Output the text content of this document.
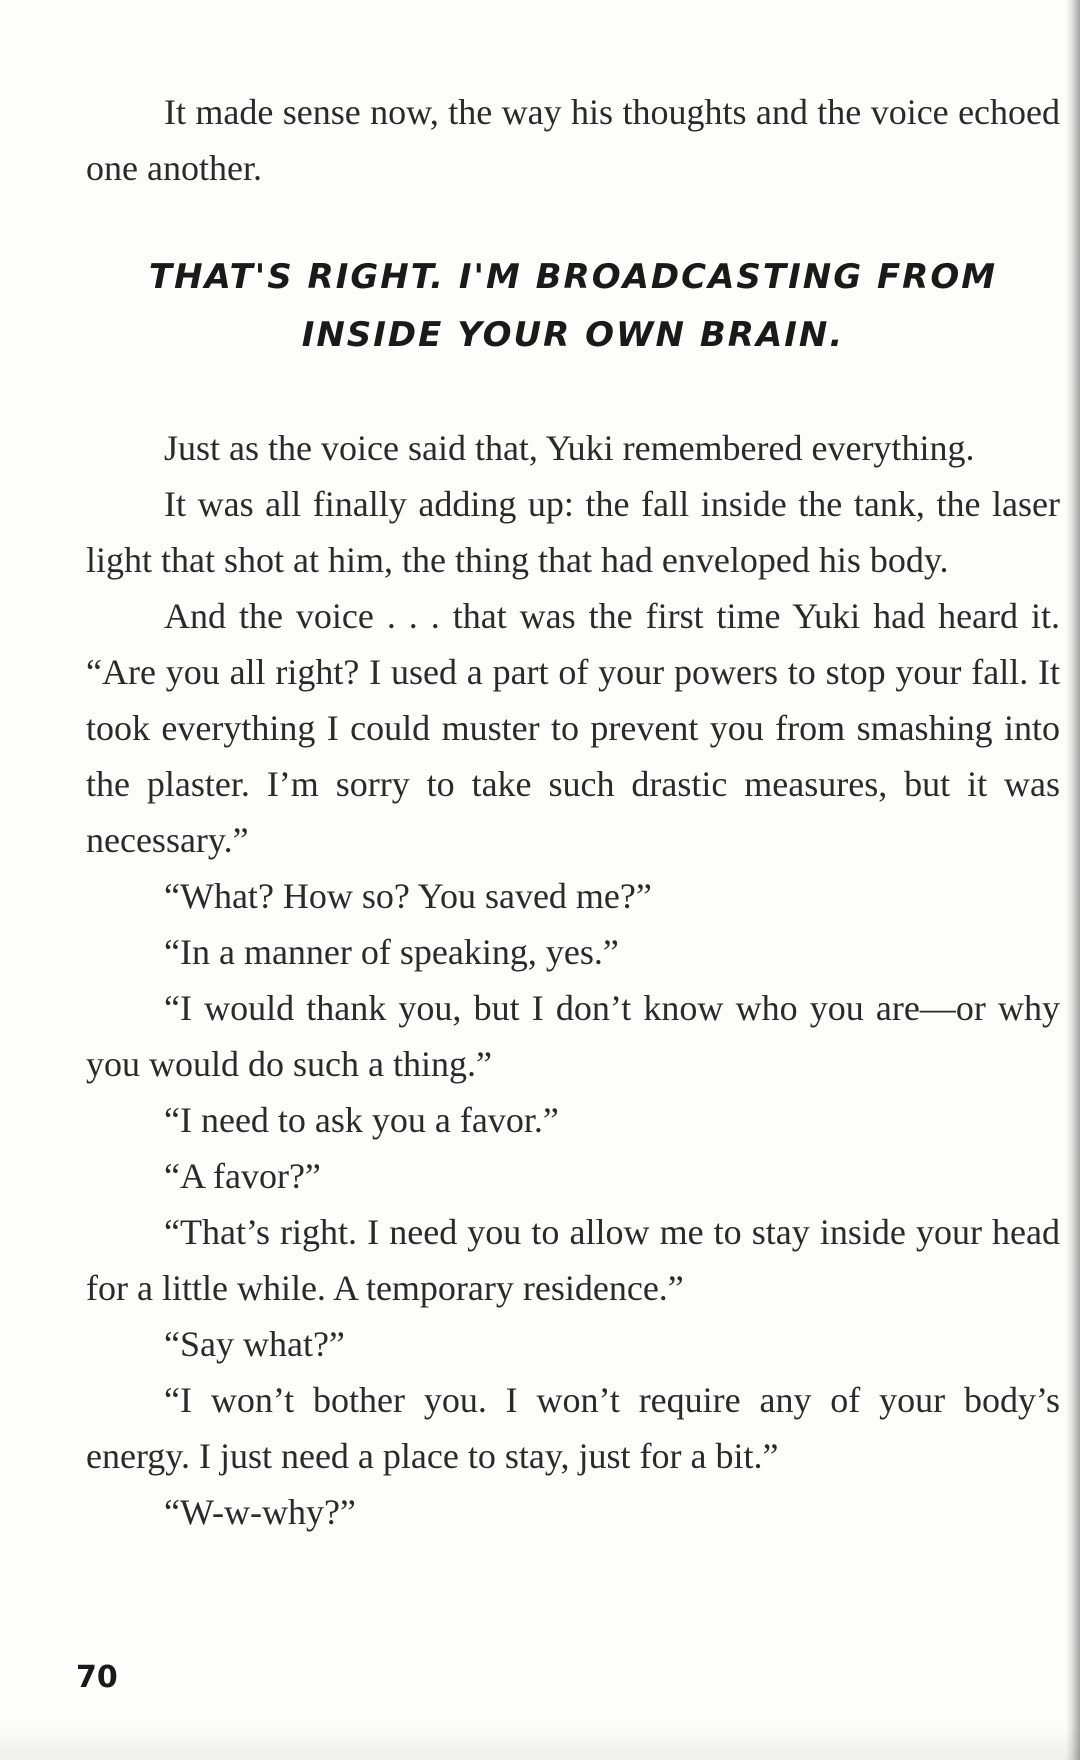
It made sense now, the way his thoughts and the voice echoed one another.

THAT'S RIGHT. I'M BROADCASTING FROM
INSIDE YOUR OWN BRAIN.

Just as the voice said that, Yuki remembered everything.

It was all finally adding up: the fall inside the tank, the laser light that shot at him, the thing that had enveloped his body.

And the voice . . . that was the first time Yuki had heard it. “Are you all right? I used a part of your powers to stop your fall. It took everything I could muster to prevent you from smashing into the plaster. I’m sorry to take such drastic measures, but it was necessary.”

“What? How so? You saved me?”

“In a manner of speaking, yes.”

“I would thank you, but I don’t know who you are—or why you would do such a thing.”

“I need to ask you a favor.”

“A favor?”

“That’s right. I need you to allow me to stay inside your head for a little while. A temporary residence.”

“Say what?”

“I won’t bother you. I won’t require any of your body’s energy. I just need a place to stay, just for a bit.”

“W-w-why?”

70
